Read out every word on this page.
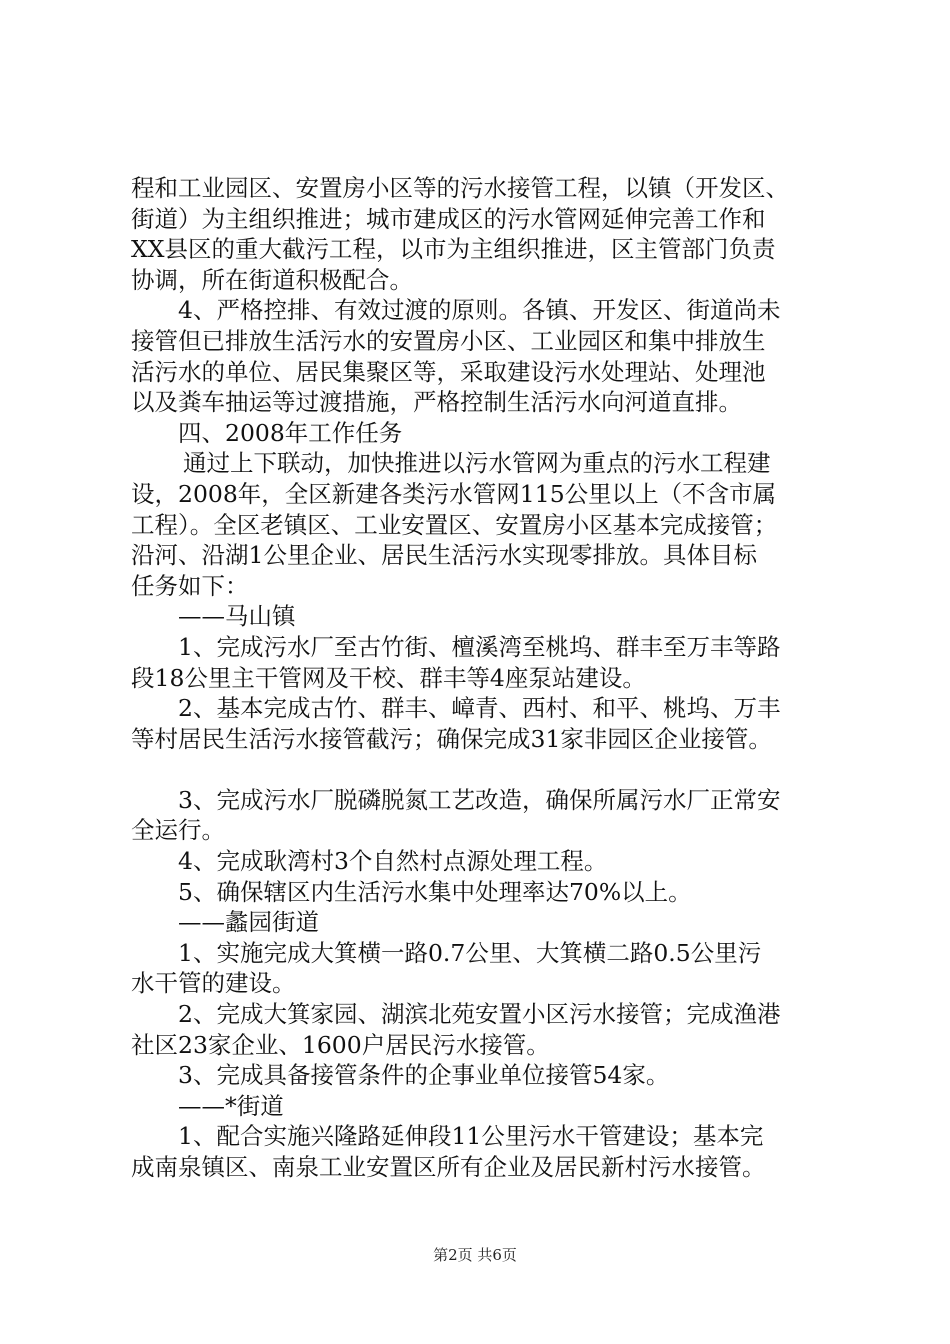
程和工业园区、安置房小区等的污水接管工程，以镇（开发区、
街道）为主组织推进；城市建成区的污水管网延伸完善工作和
XX县区的重大截污工程，以市为主组织推进，区主管部门负责
协调，所在街道积极配合。
4、严格控排、有效过渡的原则。各镇、开发区、街道尚未
接管但已排放生活污水的安置房小区、工业园区和集中排放生
活污水的单位、居民集聚区等，采取建设污水处理站、处理池
以及粪车抽运等过渡措施，严格控制生活污水向河道直排。
四、2008年工作任务
通过上下联动，加快推进以污水管网为重点的污水工程建
设，2008年，全区新建各类污水管网115公里以上（不含市属
工程）。全区老镇区、工业安置区、安置房小区基本完成接管；
沿河、沿湖1公里企业、居民生活污水实现零排放。具体目标
任务如下：
——马山镇
1、完成污水厂至古竹街、檀溪湾至桃坞、群丰至万丰等路
段18公里主干管网及干校、群丰等4座泵站建设。
2、基本完成古竹、群丰、嶂青、西村、和平、桃坞、万丰
等村居民生活污水接管截污；确保完成31家非园区企业接管。
3、完成污水厂脱磷脱氮工艺改造，确保所属污水厂正常安
全运行。
4、完成耿湾村3个自然村点源处理工程。
5、确保辖区内生活污水集中处理率达70%以上。
——蠡园街道
1、实施完成大箕横一路0.7公里、大箕横二路0.5公里污
水干管的建设。
2、完成大箕家园、湖滨北苑安置小区污水接管；完成渔港
社区23家企业、1600户居民污水接管。
3、完成具备接管条件的企事业单位接管54家。
——*街道
1、配合实施兴隆路延伸段11公里污水干管建设；基本完
成南泉镇区、南泉工业安置区所有企业及居民新村污水接管。
第2页 共6页
